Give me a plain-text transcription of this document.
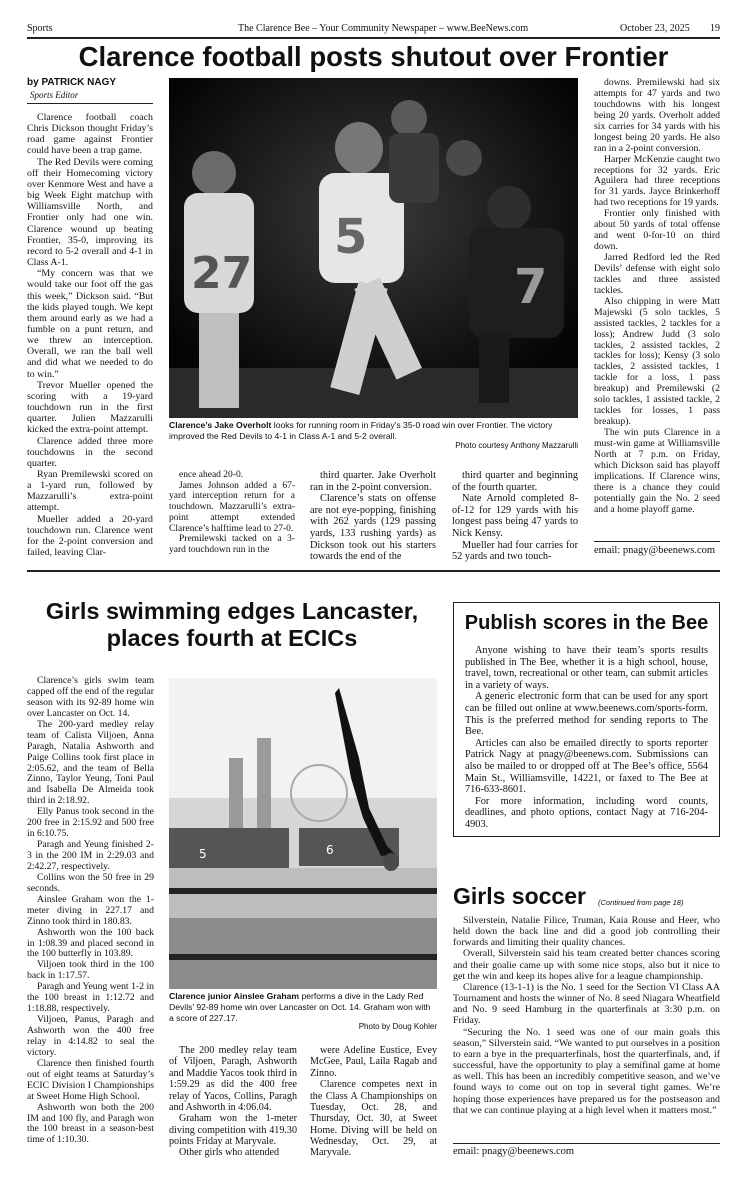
Sports	The Clarence Bee – Your Community Newspaper – www.BeeNews.com	October 23, 2025 19
Clarence football posts shutout over Frontier
by PATRICK NAGY
Sports Editor

Clarence football coach Chris Dickson thought Friday’s road game against Frontier could have been a trap game.

The Red Devils were coming off their Homecoming victory over Kenmore West and have a big Week Eight matchup with Williamsville North, and Frontier only had one win. Clarence wound up beating Frontier, 35-0, improving its record to 5-2 overall and 4-1 in Class A-1.

“My concern was that we would take our foot off the gas this week,” Dickson said. “But the kids played tough. We kept them around early as we had a fumble on a punt return, and we threw an interception. Overall, we ran the ball well and did what we needed to do to win.”

Trevor Mueller opened the scoring with a 19-yard touchdown run in the first quarter. Julien Mazzarulli kicked the extra-point attempt.

Clarence added three more touchdowns in the second quarter.

Ryan Premilewski scored on a 1-yard run, followed by Mazzarulli’s extra-point attempt.

Mueller added a 20-yard touchdown run. Clarence went for the 2-point conversion and failed, leaving Clar-

27
5
7
Clarence’s Jake Overholt looks for running room in Friday’s 35-0 road win over Frontier. The victory improved the Red Devils to 4-1 in Class A-1 and 5-2 overall.
Photo courtesy Anthony Mazzarulli

ence ahead 20-0.

James Johnson added a 67-yard interception return for a touchdown. Mazzarulli’s extra-point attempt extended Clarence’s halftime lead to 27-0.

Premilewski tacked on a 3-yard touchdown run in the

third quarter. Jake Overholt ran in the 2-point conversion.

Clarence’s stats on offense are not eye-popping, finishing with 262 yards (129 passing yards, 133 rushing yards) as Dickson took out his starters towards the end of the

third quarter and beginning of the fourth quarter.

Nate Arnold completed 8-of-12 for 129 yards with his longest pass being 47 yards to Nick Kensy.

Mueller had four carries for 52 yards and two touch-

downs. Premilewski had six attempts for 47 yards and two touchdowns with his longest being 20 yards. Overholt added six carries for 34 yards with his longest being 20 yards. He also ran in a 2-point conversion.

Harper McKenzie caught two receptions for 32 yards. Eric Aguilera had three receptions for 31 yards. Jayce Brinkerhoff had two receptions for 19 yards.

Frontier only finished with about 50 yards of total offense and went 0-for-10 on third down.

Jarred Redford led the Red Devils’ defense with eight solo tackles and three assisted tackles.

Also chipping in were Matt Majewski (5 solo tackles, 5 assisted tackles, 2 tackles for a loss); Andrew Judd (3 solo tackles, 2 assisted tackles, 2 tackles for loss); Kensy (3 solo tackles, 2 assisted tackles, 1 tackle for a loss, 1 pass breakup) and Premilewski (2 solo tackles, 1 assisted tackle, 2 tackles for losses, 1 pass breakup).

The win puts Clarence in a must-win game at Williamsville North at 7 p.m. on Friday, which Dickson said has playoff implications. If Clarence wins, there is a chance they could potentially gain the No. 2 seed and a home playoff game.

email: pnagy@beenews.com
Girls swimming edges Lancaster,
places fourth at ECICs

Clarence’s girls swim team capped off the end of the regular season with its 92-89 home win over Lancaster on Oct. 14.

The 200-yard medley relay team of Calista Viljoen, Anna Paragh, Natalia Ashworth and Paige Collins took first place in 2:05.62, and the team of Bella Zinno, Taylor Yeung, Toni Paul and Isabella De Almeida took third in 2:18.92.

Elly Panus took second in the 200 free in 2:15.92 and 500 free in 6:10.75.

Paragh and Yeung finished 2-3 in the 200 IM in 2:29.03 and 2:42.27, respectively.

Collins won the 50 free in 29 seconds.

Ainslee Graham won the 1-meter diving in 227.17 and Zinno took third in 180.83.

Ashworth won the 100 back in 1:08.39 and placed second in the 100 butterfly in 103.89.

Viljoen took third in the 100 back in 1:17.57.

Paragh and Yeung went 1-2 in the 100 breast in 1:12.72 and 1:18.88, respectively.

Viljoen, Panus, Paragh and Ashworth won the 400 free relay in 4:14.82 to seal the victory.

Clarence then finished fourth out of eight teams at Saturday’s ECIC Division I Championships at Sweet Home High School.

Ashworth won both the 200 IM and 100 fly, and Paragh won the 100 breast in a season-best time of 1:10.30.

5	6
Clarence junior Ainslee Graham performs a dive in the Lady Red Devils’ 92-89 home win over Lancaster on Oct. 14. Graham won with a score of 227.17.
Photo by Doug Kohler

The 200 medley relay team of Viljoen, Paragh, Ashworth and Maddie Yacos took third in 1:59.29 as did the 400 free relay of Yacos, Collins, Paragh and Ashworth in 4:06.04.

Graham won the 1-meter diving competition with 419.30 points Friday at Maryvale.

Other girls who attended

were Adeline Eustice, Evey McGee, Paul, Laila Ragab and Zinno.

Clarence competes next in the Class A Championships on Tuesday, Oct. 28, and Thursday, Oct. 30, at Sweet Home. Diving will be held on Wednesday, Oct. 29, at Maryvale.

Publish scores in the Bee

Anyone wishing to have their team’s sports results published in The Bee, whether it is a high school, house, travel, town, recreational or other team, can submit articles in a variety of ways.

A generic electronic form that can be used for any sport can be filled out online at www.beenews.com/sports-form. This is the preferred method for sending reports to The Bee.

Articles can also be emailed directly to sports reporter Patrick Nagy at pnagy@beenews.com. Submissions can also be mailed to or dropped off at The Bee’s office, 5564 Main St., Williamsville, 14221, or faxed to The Bee at 716-633-8601.

For more information, including word counts, deadlines, and photo options, contact Nagy at 716-204-4903.

Girls soccer (Continued from page 18)

Silverstein, Natalie Filice, Truman, Kaia Rouse and Heer, who held down the back line and did a good job controlling their forwards and limiting their quality chances.

Overall, Silverstein said his team created better chances scoring and their goalie came up with some nice stops, also but it nice to get the win and keep its hopes alive for a league championship.

Clarence (13-1-1) is the No. 1 seed for the Section VI Class AA Tournament and hosts the winner of No. 8 seed Niagara Wheatfield and No. 9 seed Hamburg in the quarterfinals at 3:30 p.m. on Friday.

“Securing the No. 1 seed was one of our main goals this season,” Silverstein said. “We wanted to put ourselves in a position to earn a bye in the prequarterfinals, host the quarterfinals, and, if successful, have the opportunity to play a semifinal game at home as well. This has been an incredibly competitive season, and we’ve found ways to come out on top in several tight games. We’re hoping those experiences have prepared us for the postseason and that we can continue playing at a high level when it matters most.”

email: pnagy@beenews.com
